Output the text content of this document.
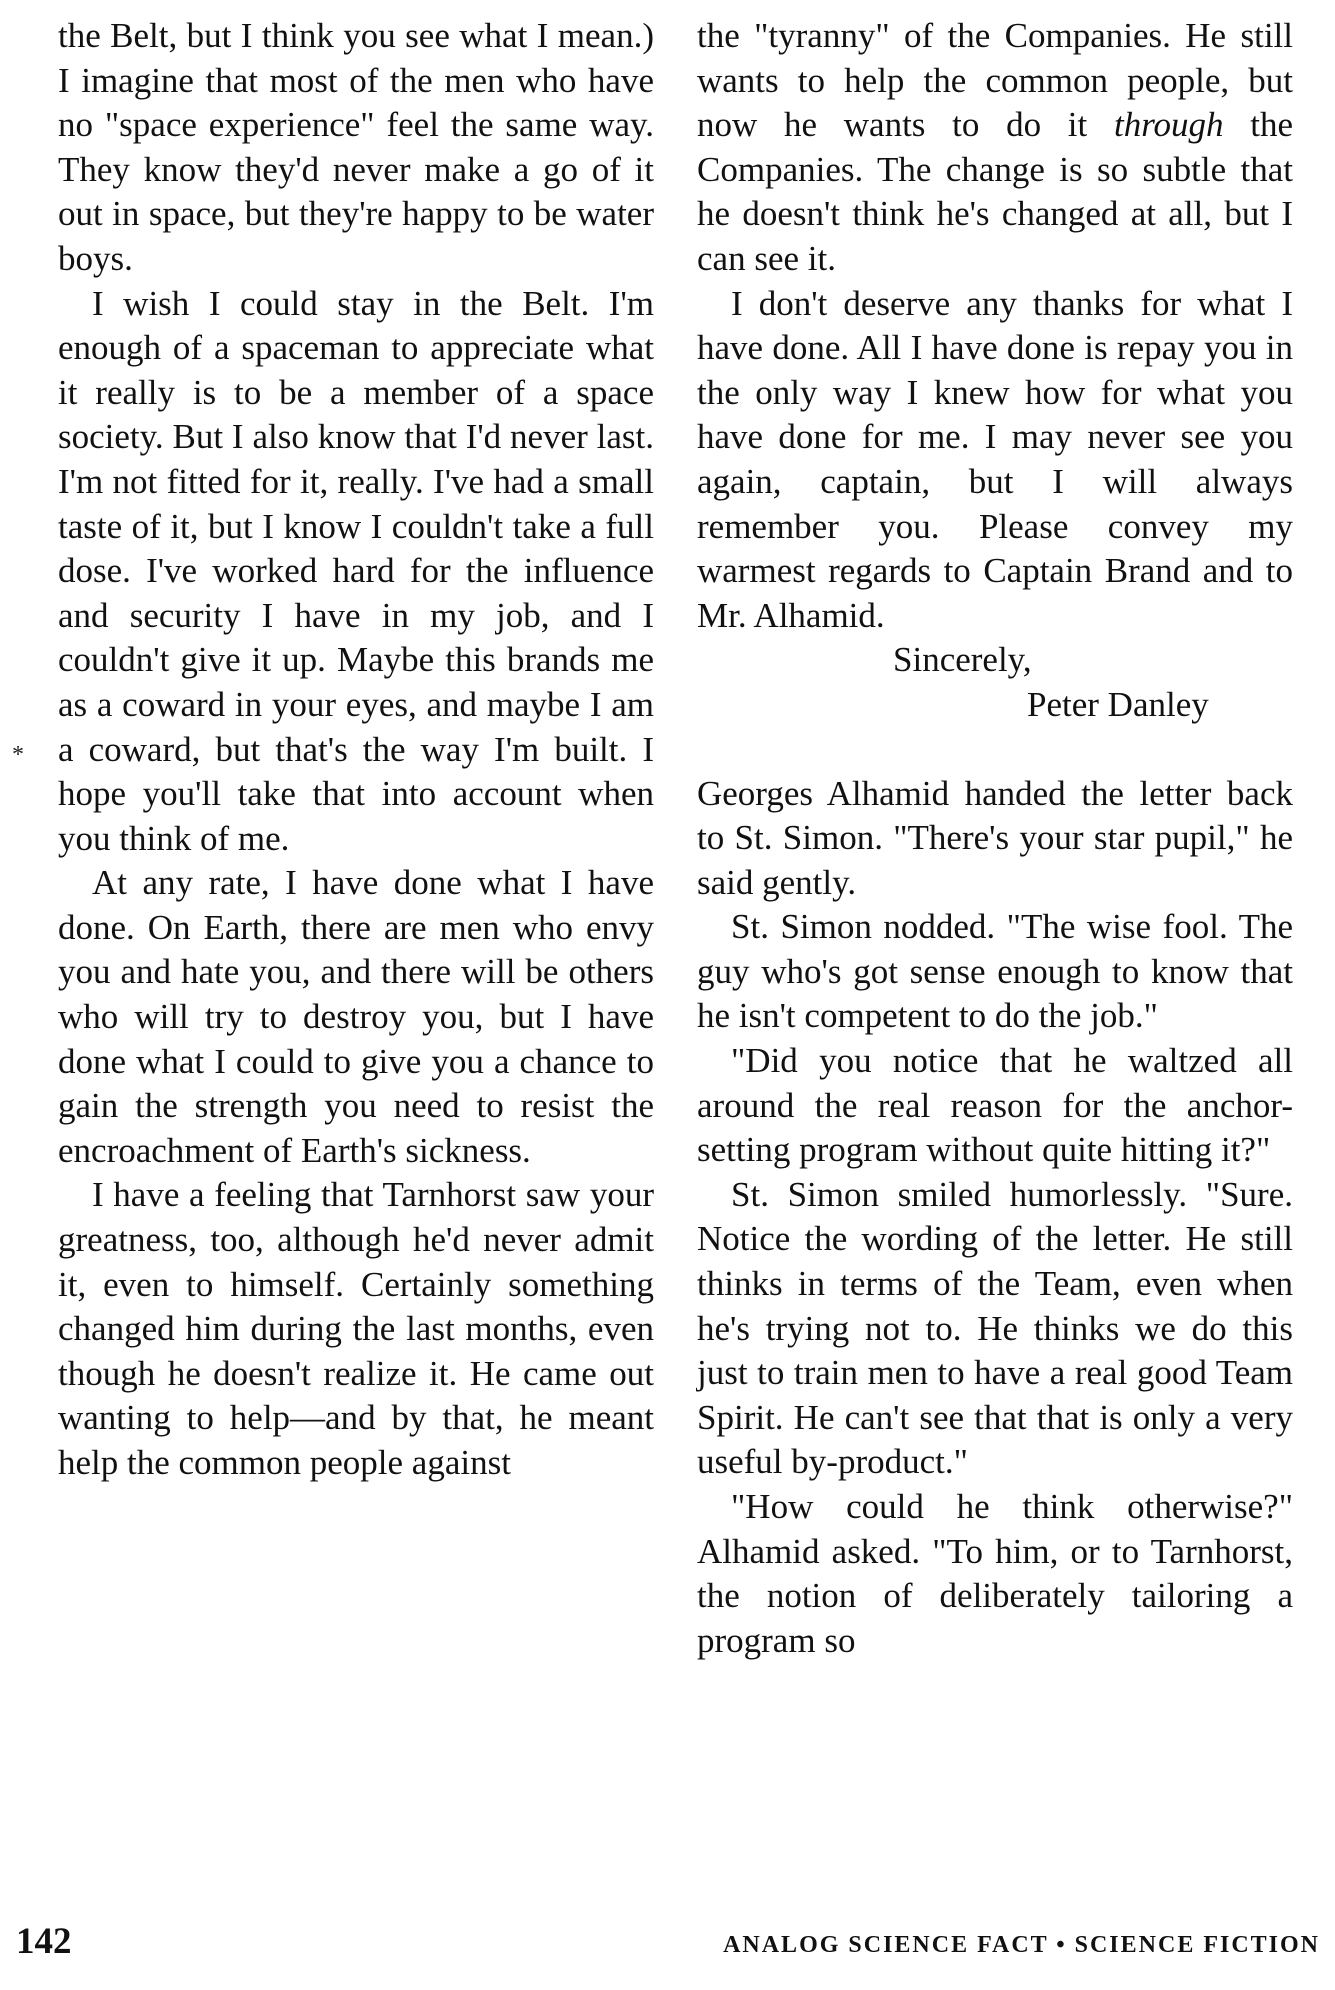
the Belt, but I think you see what I mean.) I imagine that most of the men who have no "space experience" feel the same way. They know they'd never make a go of it out in space, but they're happy to be water boys.

I wish I could stay in the Belt. I'm enough of a spaceman to appreciate what it really is to be a member of a space society. But I also know that I'd never last. I'm not fitted for it, really. I've had a small taste of it, but I know I couldn't take a full dose. I've worked hard for the influence and security I have in my job, and I couldn't give it up. Maybe this brands me as a coward in your eyes, and maybe I am a coward, but that's the way I'm built. I hope you'll take that into account when you think of me.

At any rate, I have done what I have done. On Earth, there are men who envy you and hate you, and there will be others who will try to destroy you, but I have done what I could to give you a chance to gain the strength you need to resist the encroachment of Earth's sickness.

I have a feeling that Tarnhorst saw your greatness, too, although he'd never admit it, even to himself. Certainly something changed him during the last months, even though he doesn't realize it. He came out wanting to help—and by that, he meant help the common people against

*

the "tyranny" of the Companies. He still wants to help the common people, but now he wants to do it through the Companies. The change is so subtle that he doesn't think he's changed at all, but I can see it.

I don't deserve any thanks for what I have done. All I have done is repay you in the only way I knew how for what you have done for me. I may never see you again, captain, but I will always remember you. Please convey my warmest regards to Captain Brand and to Mr. Alhamid.

Sincerely,
Peter Danley

Georges Alhamid handed the letter back to St. Simon. "There's your star pupil," he said gently.

St. Simon nodded. "The wise fool. The guy who's got sense enough to know that he isn't competent to do the job."

"Did you notice that he waltzed all around the real reason for the anchor-setting program without quite hitting it?"

St. Simon smiled humorlessly. "Sure. Notice the wording of the letter. He still thinks in terms of the Team, even when he's trying not to. He thinks we do this just to train men to have a real good Team Spirit. He can't see that that is only a very useful by-product."

"How could he think otherwise?" Alhamid asked. "To him, or to Tarnhorst, the notion of deliberately tailoring a program so

142	ANALOG SCIENCE FACT • SCIENCE FICTION
